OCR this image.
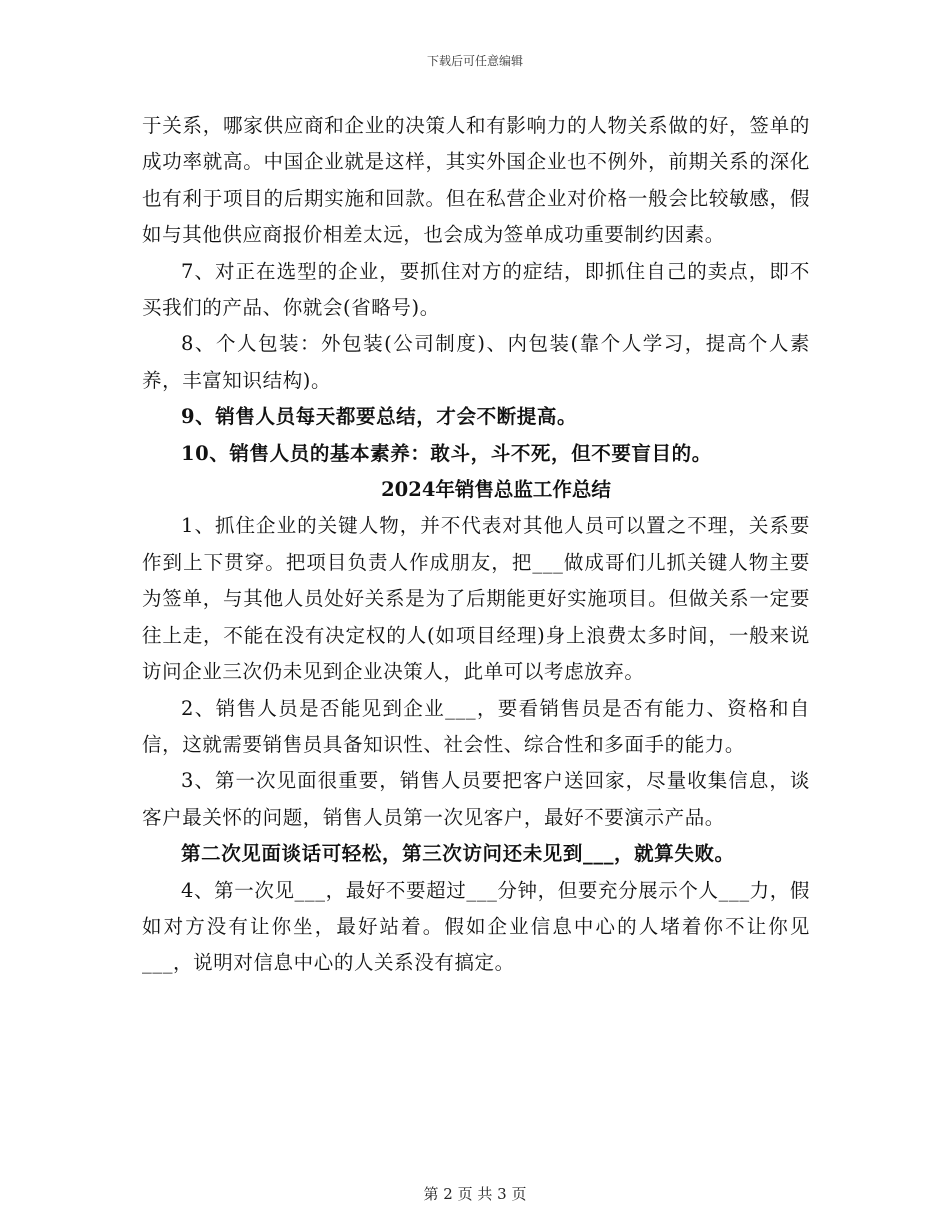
下载后可任意编辑

于关系，哪家供应商和企业的决策人和有影响力的人物关系做的好，签单的成功率就高。中国企业就是这样，其实外国企业也不例外，前期关系的深化也有利于项目的后期实施和回款。但在私营企业对价格一般会比较敏感，假如与其他供应商报价相差太远，也会成为签单成功重要制约因素。

7、对正在选型的企业，要抓住对方的症结，即抓住自己的卖点，即不买我们的产品、你就会(省略号)。

8、个人包装：外包装(公司制度)、内包装(靠个人学习，提高个人素养，丰富知识结构)。

9、销售人员每天都要总结，才会不断提高。

10、销售人员的基本素养：敢斗，斗不死，但不要盲目的。

2024年销售总监工作总结

1、抓住企业的关键人物，并不代表对其他人员可以置之不理，关系要作到上下贯穿。把项目负责人作成朋友，把___做成哥们儿抓关键人物主要为签单，与其他人员处好关系是为了后期能更好实施项目。但做关系一定要往上走，不能在没有决定权的人(如项目经理)身上浪费太多时间，一般来说访问企业三次仍未见到企业决策人，此单可以考虑放弃。

2、销售人员是否能见到企业___，要看销售员是否有能力、资格和自信，这就需要销售员具备知识性、社会性、综合性和多面手的能力。

3、第一次见面很重要，销售人员要把客户送回家，尽量收集信息，谈客户最关怀的问题，销售人员第一次见客户，最好不要演示产品。

第二次见面谈话可轻松，第三次访问还未见到___，就算失败。

4、第一次见___，最好不要超过___分钟，但要充分展示个人___力，假如对方没有让你坐，最好站着。假如企业信息中心的人堵着你不让你见___，说明对信息中心的人关系没有搞定。

第 2 页 共 3 页
